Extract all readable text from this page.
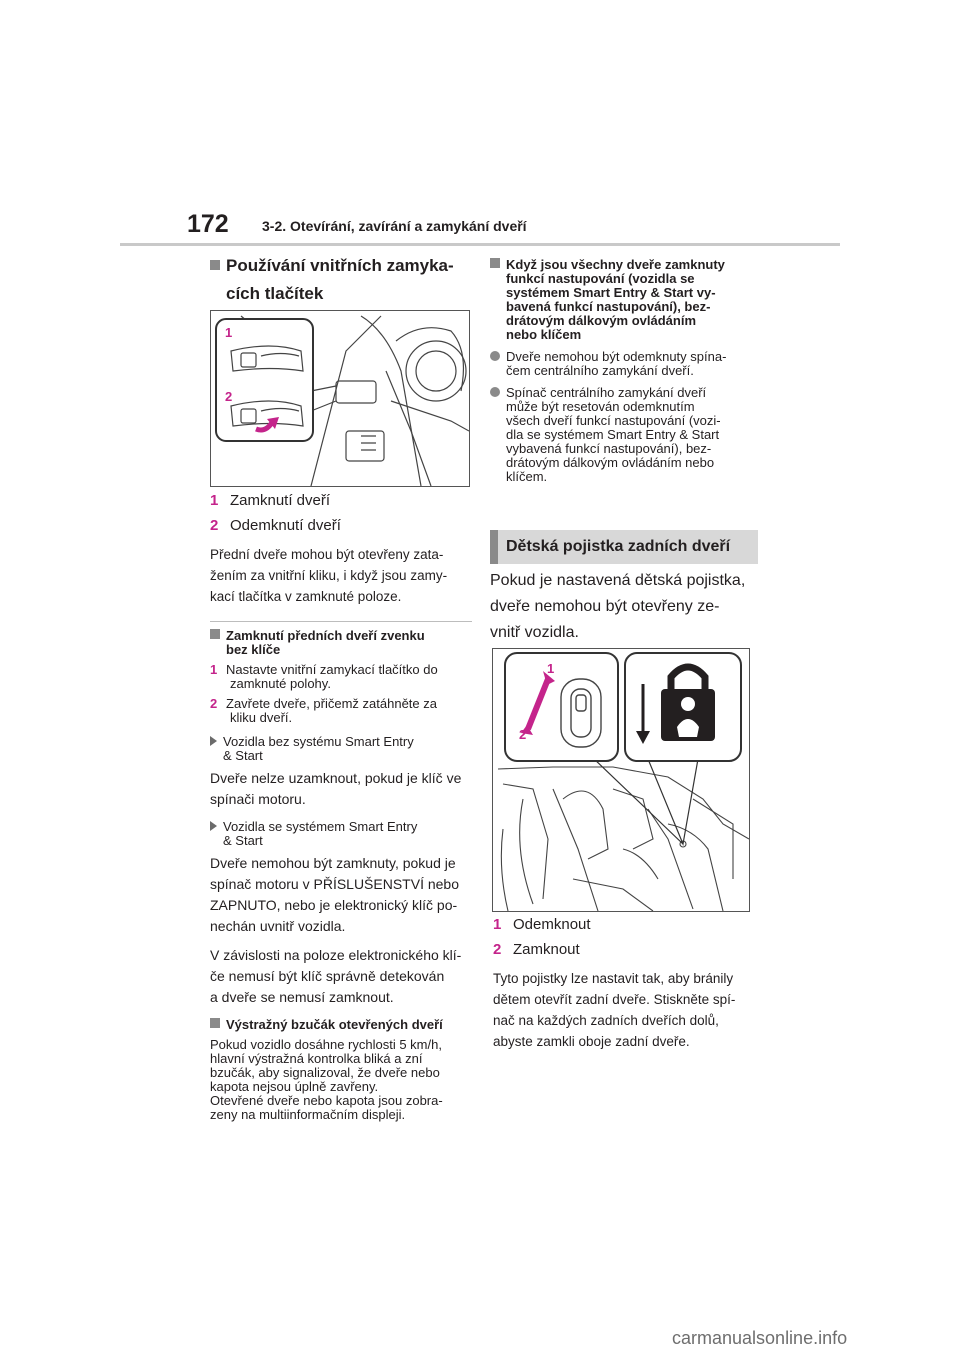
172 3-2. Otevírání, zavírání a zamykání dveří
Používání vnitřních zamyka-
cích tlačítek
1
2
1 Zamknutí dveří
2 Odemknutí dveří
Přední dveře mohou být otevřeny zata-
žením za vnitřní kliku, i když jsou zamy-
kací tlačítka v zamknuté poloze.
Zamknutí předních dveří zvenku
bez klíče
1 Nastavte vnitřní zamykací tlačítko do
zamknuté polohy.
2 Zavřete dveře, přičemž zatáhněte za
kliku dveří.
Vozidla bez systému Smart Entry
& Start
Dveře nelze uzamknout, pokud je klíč ve
spínači motoru.
Vozidla se systémem Smart Entry
& Start
Dveře nemohou být zamknuty, pokud je
spínač motoru v PŘÍSLUŠENSTVÍ nebo
ZAPNUTO, nebo je elektronický klíč po-
nechán uvnitř vozidla.
V závislosti na poloze elektronického klí-
če nemusí být klíč správně detekován
a dveře se nemusí zamknout.
Výstražný bzučák otevřených dveří
Pokud vozidlo dosáhne rychlosti 5 km/h,
hlavní výstražná kontrolka bliká a zní
bzučák, aby signalizoval, že dveře nebo
kapota nejsou úplně zavřeny.
Otevřené dveře nebo kapota jsou zobra-
zeny na multiinformačním displeji.
Když jsou všechny dveře zamknuty
funkcí nastupování (vozidla se
systémem Smart Entry & Start vy-
bavená funkcí nastupování), bez-
drátovým dálkovým ovládáním
nebo klíčem
Dveře nemohou být odemknuty spína-
čem centrálního zamykání dveří.
Spínač centrálního zamykání dveří
může být resetován odemknutím
všech dveří funkcí nastupování (vozi-
dla se systémem Smart Entry & Start
vybavená funkcí nastupování), bez-
drátovým dálkovým ovládáním nebo
klíčem.
Dětská pojistka zadních dveří
Pokud je nastavená dětská pojistka,
dveře nemohou být otevřeny ze-
vnitř vozidla.
1
2
1 Odemknout
2 Zamknout
Tyto pojistky lze nastavit tak, aby bránily
dětem otevřít zadní dveře. Stiskněte spí-
nač na každých zadních dveřích dolů,
abyste zamkli oboje zadní dveře.
carmanualsonline.info
